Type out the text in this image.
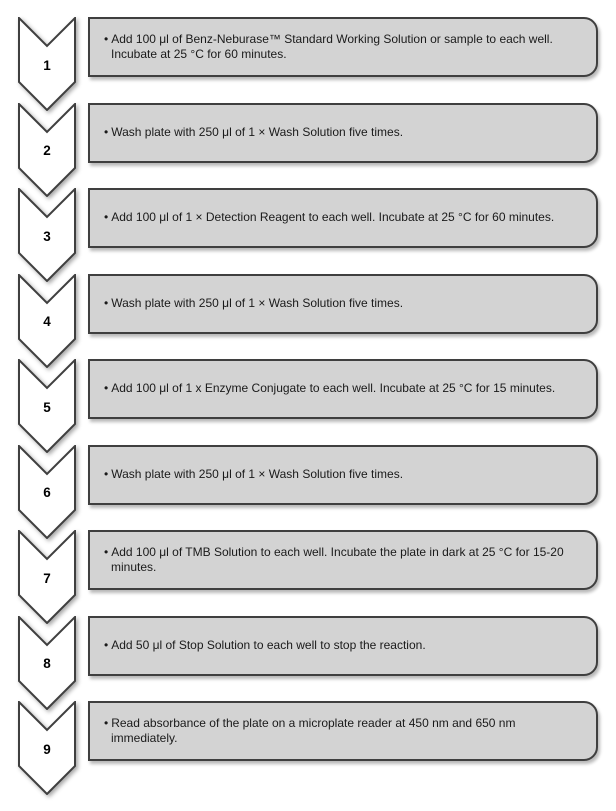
1

• Add 100 μl of Benz-Neburase™ Standard Working Solution or sample to each well. Incubate at 25 °C for 60 minutes.

2

• Wash plate with 250 μl of 1 × Wash Solution five times.

3

• Add 100 μl of 1 × Detection Reagent to each well. Incubate at 25 °C for 60 minutes.

4

• Wash plate with 250 μl of 1 × Wash Solution five times.

5

• Add 100 μl of 1 x Enzyme Conjugate to each well. Incubate at 25 °C for 15 minutes.

6

• Wash plate with 250 μl of 1 × Wash Solution five times.

7

• Add 100 μl of TMB Solution to each well. Incubate the plate in dark at 25 °C for 15-20 minutes.

8

• Add 50 μl of Stop Solution to each well to stop the reaction.

9

• Read absorbance of the plate on a microplate reader at 450 nm and 650 nm immediately.
